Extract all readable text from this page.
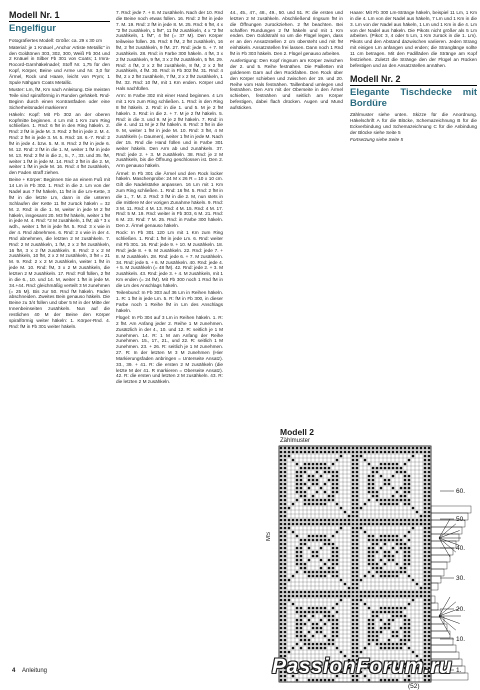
Modell Nr. 1
Engelfigur

Fotografiertes Modell: Größe: ca. 29 x 30 cm

Material: je 1 Knäuel „Anchor Artiste Metallic" in den Goldtönen 303, 302, 300, Weiß Fb 304 und 2 Knäuel in Silber Fb 301 von Coats; 1 Imra-Rocord-Garnhäkelnadel; Stoff Nr. 1,75 für den Kopf, Körper, Beine und Arme und Nr. 3,0 für Ärmel, Rock und Haare, leicht von Prym; 1 Spule Nähgarn Coats Metallic.

Muster: Lm, fM, Km nach Anleitung. Die meisten Teile sind spiralförmig in Runden gehäkelt. Rnd-Beginn durch einen Kontrastfaden oder eine Sicherheitsnadel markieren!

Häkeln: Kopf: Mit Fb 302 an der oberen Kopfmitte beginnen. 4 Lm mit 1 Km zum Ring schließen. 1. Rnd: 6 fM in den Ring häkeln. 2. Rnd: 2 fM in jede M. 3. Rnd: 2 fM in jede 2. M. 4. Rnd: 2 fM in jede 3. M. 5. Rnd: 18. 6.-7. Rnd: 2 fM in jede 4. bzw. 5. M. 8. Rnd: 2 fM in jede 6. M. 12. Rnd: 2 fM in die 1. M, weiter 1 fM in jede M. 13. Rnd: 2 fM in die 2., 5., 7., 33. und 35. fM, weiter 1 fM in jede M. 14. Rnd: 2 fM in die 2. M, weiter 1 fM in jede M. 16. Rnd: 4 fM zusähkeln, den Faden straff ziehen.

Beine + Körper: Beginnen Sie an einem Fuß mit 14 Lm in Fb 302. 1. Rnd: in die 2. Lm von der Nadel aus 7 fM häkeln, 11 fM in die Lm-Kette, 3 fM in die letzte Lm, dann in die unteren Schlaufen der Kette 11 fM zurück häkeln = 32 M. 2. Rnd: in die 1. M, weiter in jede M 2 fM häkeln, insgesamt 20. M3 fM häkeln, weiter 1 fM in jede M. 4. Rnd: *2 M zusähkeln, 1 fM; ab * 3 x wdh., weiter 1 fM in jede fM. 5. Rnd: 3 x wie in der 4. Rnd abnehmen. 6. Rnd: 2 x wie in der 4. Rnd abnehmen, die letzten 2 M zusähkeln. 7. Rnd: 2 M zusähkeln, 1 fM, 2 x 2 fM zusähkeln, 16 fM, 3 x 2 fM zusähkeln. 8. Rnd: 2 x 2 M zusähkeln, 10 fM, 2 x 2 M zusähkeln, 3 fM = 21 M. 9. Rnd: 2 x 2 M zusähkeln, weiter 1 fM in jede M. 10. Rnd: fM, 3 x 2 M zusähkeln, die letzten 2 M zusähkeln. 17. Rnd: Füll füllen, 2 fM in die 6., 10. und 14. M, weiter 1 fM in jede M. 34.+44. Rnd: gleichmäßig verteilt 3 M zunehmen (= 25 M). Bis zur 50. Rnd fM häkeln. Faden abschneiden. Zweites Bein genauso häkeln. Die Beine zu 3/4 füllen und über 5 M in der Mitte der Innenbeinseiten zusähkeln. Nun auf die restlichen 40 M der Beine den Körper spiralförmig weiter häkeln: 1. Körper-Rnd. 4. Rnd: fM in Fb 301 weiter häkeln.

7. Rnd: jede 7. + 8. M zusähkeln. Nach der 10. Rnd die Beine noch etwas füllen. 16. Rnd: 2 fM in jede 7. M. 19. Rnd: 2 fM in jede 8. M. 25. Rnd: 6 fM, 4 x "2 fM zusähkeln, 1 fM", 11 fM zusähkeln, 4 x "2 fM zusähkeln, 1 fM", 4 fM (= 37 M). Den Körper teilweise füllen. 26. Rnd: 8 fM, 2 fM zusähkeln, 16 fM, 2 fM zusähkeln, 9 fM. 27. Rnd: jede 5. + 7. M zusähkeln. 28. Rnd: in Farbe 300 häkeln. 4 fM, 3 x 2 fM zusähkeln, 9 fM, 3 x 2 fM zusähkeln, 5 fM. 29. Rnd: 4 fM, 2 x 2 fM zusähkeln, 8 fM, 2 x 2 fM zusähkeln, 4 fM. 30. Rnd: in Fb 302 fM. 31. Rnd: 4 fM, 2 x 2 fM zusähkeln, 7 fM, 2 x 2 fM zusähkeln, 1 fM. 32. Rnd: 10 fM, mit 1 Km enden. Körper und Hals nachfüllen.

Arm: In Farbe 302 mit einer Hand beginnen. 4 Lm mit 1 Km zum Ring schließen. 1. Rnd: in den Ring 8 fM häkeln. 2. Rnd: in die 1. und 5. M je 2 fM häkeln. 3. Rnd: in die 2. + 7. M je 2 fM häkeln. 5. Rnd: in die 3. und 9. M je 2 fM häkeln. 7. Rnd: in die 4. und 11 M je 2 fM häkeln. 8. Rnd: 3 fM in die 9. M, weiter 1 fM in jede M. 10. Rnd: 3 fM, 4 M zusähkeln (= Daumen), weiter 1 fM in jede M. Nach der 15. Rnd die Hand füllen und in Farbe 301 weiter häkeln. Den Arm ab und zunähkeln. 37. Rnd: jede 2. + 3. M zusähkeln. 38. Rnd: je 2 M zusähkeln, bis die Öffnung geschlossen ist. Den 2. Arm genauso häkeln.

Ärmel: In Fb 301 die Ärmel und den Rock locker häkeln. Maschenprobe: 24 M x 26 R = 10 x 10 cm. Gilt die Nadelstärke anpassen. 16 Lm mit 1 Km zum Ring schließen. 1. Rnd: 16 fM. 5. Rnd: 2 fM in die 1., 7. M. 2. Rnd: 3 fM in die 2. M, nun stets in die mittlere M der vorigen Zunahme häkeln. 9. Rnd: 3 M. 11. Rnd: 4 M. 13. Rnd: 4 M. 15. Rnd: 4 M. 17. Rnd: 5 M. 19. Rnd: weiter in Fb 303, 6 M. 21. Rnd: 6 M. 23. Rnd: 7 M. 25. Rnd: in Farbe 300 häkeln. Den 2. Ärmel genauso häkeln.

Rock: In Fb 301 120 Lm mit 1 Km zum Ring schließen. 1. Rnd: 1 fM in jede Lm. 6. Rnd: weiter mit Fb 301. 16. Rnd: jede 9. + 10. M zusähkeln. 18. Rnd: jede 8. + 9. M zusähkeln. 22. Rnd: jede 7. + 8. M zusähkeln. 28. Rnd: jede 6. + 7. M zusähkeln. 34. Rnd: jede 5. + 6. M zusähkeln. 40. Rnd: jede 4. + 5. M zusähkeln (= 48 fM). 42. Rnd: jede 2. + 3. M zusähkeln. 43. Rnd: jede 3. + 4. M zusähkeln, mit 1 Km enden (= 24 fM). Mit Fb 300 noch 1 Rnd fM in die Lm des Anschlags häkeln.

Teilenbund: In Fb 303 auf 36 Lm in Reihen häkeln. 1. R: 1 fM in jede Lm. 5. R: fM in Fb 300, in dieser Farbe noch 1 Reihe fM in Lm des Anschlags häkeln.

Flügel: In Fb 304 auf 3 Lm in Reihen häkeln. 1. R: 2 fM. Am Anfang jeder 2. Reihe 1 M zunehmen. Zusätzlich in der 4., 10. und 12. R: seitlich je 1 M zunehmen. 14. R: 1 M am Anfang der Reihe zunehmen. 15., 17., 21., und 22. R: seitlich 1 M zunehmen. 23. + 26. R: seitlich je 1 M zunehmen. 27. R: In der letzten M 3 M zunehmen (Hier Markierungsfaden anbringen = Unterseite Ansatz). 33., 39. + 41. R: die ersten 2 M zusähkeln (die letzte M der 41. R markieren = Oberseite Ansatz). 42. R: die ersten und letzten 2 M zusähkeln. 43. R: die letzten 2 M zusähkeln.

44., 45., 47., 48., 49., 50. und 51. R: die ersten und letzten 2 M zusähkeln. Abschließend ringsum fM in die Öffnungen zurückziehen. 2 fM beachten. Bei schaffen Rundungen 2 fM häkeln und mit 1 Km enden. Den Goldstrahl so um die Flügel legen, dass er an den Ansatzstellen 2 cm übersteht und mit fM einhäkeln. Ansatzstellen frei lassen. Dann noch 1 Rnd fM in Fb 303 häkeln. Den 2. Flügel genauso arbeiten.

Ausfertigung: Den Kopf ringsum am Körper zwischen der 2. und 5. Reihe festnähen. Die Pailletten mit goldenem Garn auf den Rockfalten. Den Rock über den Körper schieben und zwischen der 19. und 20. Reihe vom Hals festnähen. Taillenband umlegen und festnähen. Den Arm mit der Oberseite in den Ärmel schieben, festnähen und seitlich am Körper befestigen, dabei flach drücken. Augen und Mund aufsticken.

Haare: Mit Fb 300 Lm-Stränge häkeln, beispiel 11 Lm, 1 Km in die 4. Lm von der Nadel aus häkeln, 7 Lm und 1 Km in die 3. Lm von der Nadel aus häkeln, 1 Lm und 1 Km in die 4. Lm von der Nadel aus häkeln. Die Pikots nicht größer als 5 Lm arbeiten. (Pikot: 3, 4 oder 5 Lm, 1 Km zurück in die 1. Lm). Pikots und den Abstand dazwischen variieren. Jeden Strang mit einigen Lm anfangen und enden; die Stranglänge sollte 11 cm betragen. Mit den Fadilläden die Stränge am Kopf festziehen. Zuletzt die Stränge den der Flügel an Rücken befestigen und an den Ansatzstellen annähen.

Modell Nr. 2
Elegante Tischdecke mit Bordüre

Zählmuster siehe unten. Skizze für die Anordnung. Häkelschrift A für die Blöcke, Schemazeichnung B für die Eckverbindung und Schemazeichnung C für die Anbindung der Blöcke siehe Seite 5

Fortsetzung siehe Seite 5

Modell 2
Zählmuster
MS
60.
50.
40.
30.
20.
10.
1.
(52)
4 Anleitung	PassionForum.ru
